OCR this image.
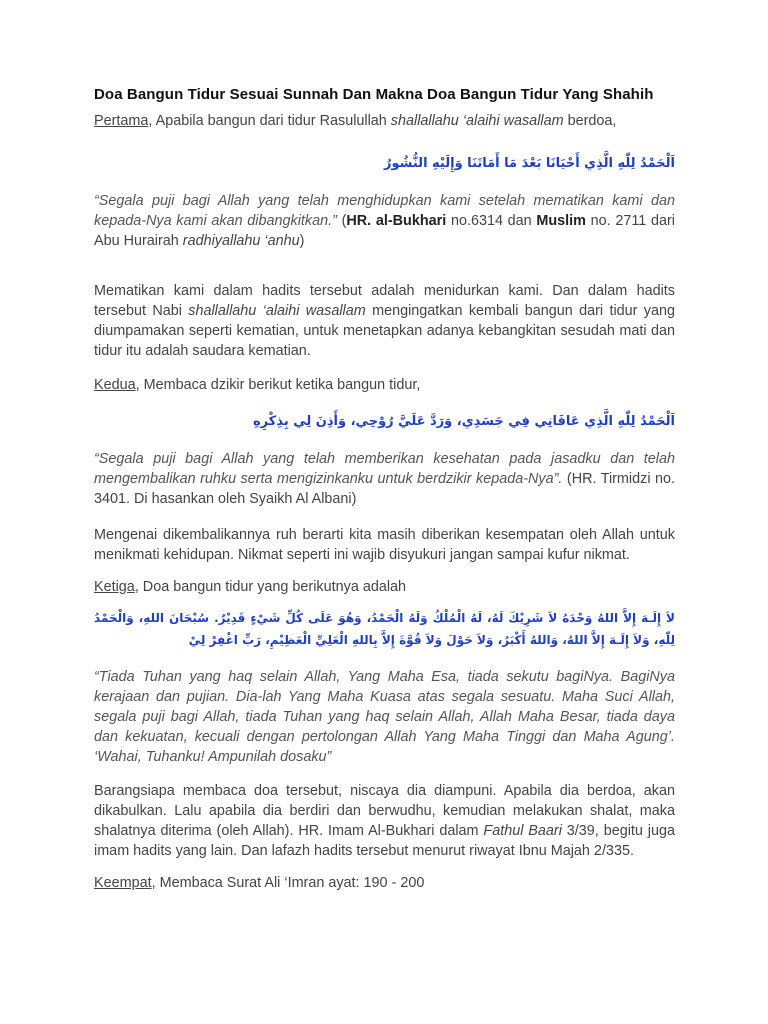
Doa Bangun Tidur Sesuai Sunnah Dan Makna Doa Bangun Tidur Yang Shahih

Pertama, Apabila bangun dari tidur Rasulullah shallallahu ‘alaihi wasallam berdoa,

اَلْحَمْدُ لِلّٰهِ الَّذِي أَحْيَانَا بَعْدَ مَا أَمَاتَنَا وَإِلَيْهِ النُّشُورُ

“Segala puji bagi Allah yang telah menghidupkan kami setelah mematikan kami dan kepada-Nya kami akan dibangkitkan.” (HR. al-Bukhari no.6314 dan Muslim no. 2711 dari Abu Hurairah radhiyallahu ‘anhu)

Mematikan kami dalam hadits tersebut adalah menidurkan kami. Dan dalam hadits tersebut Nabi shallallahu ‘alaihi wasallam mengingatkan kembali bangun dari tidur yang diumpamakan seperti kematian, untuk menetapkan adanya kebangkitan sesudah mati dan tidur itu adalah saudara kematian.

Kedua, Membaca dzikir berikut ketika bangun tidur,

اَلْحَمْدُ لِلّٰهِ الَّذِي عَافَانِي فِي جَسَدِي، وَرَدَّ عَلَيَّ رُوْحِي، وَأَذِنَ لِي بِذِكْرِهِ

“Segala puji bagi Allah yang telah memberikan kesehatan pada jasadku dan telah mengembalikan ruhku serta mengizinkanku untuk berdzikir kepada-Nya”. (HR. Tirmidzi no. 3401. Di hasankan oleh Syaikh Al Albani)

Mengenai dikembalikannya ruh berarti kita masih diberikan kesempatan oleh Allah untuk menikmati kehidupan. Nikmat seperti ini wajib disyukuri jangan sampai kufur nikmat.

Ketiga, Doa bangun tidur yang berikutnya adalah

لاَ إِلَـهَ إِلاَّ اللهُ وَحْدَهُ لاَ شَرِيْكَ لَهُ، لَهُ الْمُلْكُ وَلَهُ الْحَمْدُ، وَهُوَ عَلَى كُلِّ شَيْءٍ قَدِيْرٌ. سُبْحَانَ اللهِ، وَالْحَمْدُ لِلّٰهِ، وَلاَ إِلَـهَ إِلاَّ اللهُ، وَاللهُ أَكْبَرُ، وَلاَ حَوْلَ وَلاَ قُوَّةَ إِلاَّ بِاللهِ الْعَلِيِّ الْعَظِيْمِ، رَبِّ اغْفِرْ لِيْ

“Tiada Tuhan yang haq selain Allah, Yang Maha Esa, tiada sekutu bagiNya. BagiNya kerajaan dan pujian. Dia-lah Yang Maha Kuasa atas segala sesuatu. Maha Suci Allah, segala puji bagi Allah, tiada Tuhan yang haq selain Allah, Allah Maha Besar, tiada daya dan kekuatan, kecuali dengan pertolongan Allah Yang Maha Tinggi dan Maha Agung’. ‘Wahai, Tuhanku! Ampunilah dosaku”

Barangsiapa membaca doa tersebut, niscaya dia diampuni. Apabila dia berdoa, akan dikabulkan. Lalu apabila dia berdiri dan berwudhu, kemudian melakukan shalat, maka shalatnya diterima (oleh Allah). HR. Imam Al-Bukhari dalam Fathul Baari 3/39, begitu juga imam hadits yang lain. Dan lafazh hadits tersebut menurut riwayat Ibnu Majah 2/335.

Keempat, Membaca Surat Ali ‘Imran ayat: 190 - 200
